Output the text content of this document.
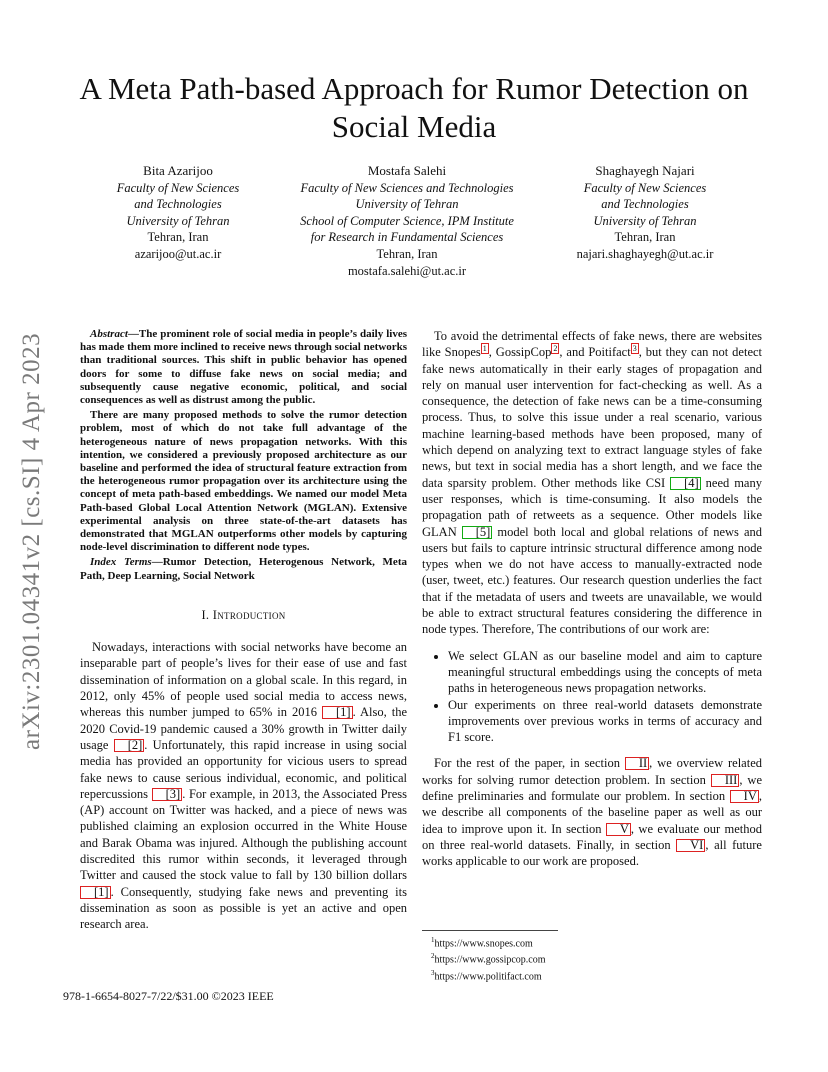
A Meta Path-based Approach for Rumor Detection on Social Media
arXiv:2301.04341v2 [cs.SI] 4 Apr 2023
Bita Azarijoo
Faculty of New Sciences
and Technologies
University of Tehran
Tehran, Iran
azarijoo@ut.ac.ir
Mostafa Salehi
Faculty of New Sciences and Technologies
University of Tehran
School of Computer Science, IPM Institute
for Research in Fundamental Sciences
Tehran, Iran
mostafa.salehi@ut.ac.ir
Shaghayegh Najari
Faculty of New Sciences
and Technologies
University of Tehran
Tehran, Iran
najari.shaghayegh@ut.ac.ir

Abstract—The prominent role of social media in people’s daily lives has made them more inclined to receive news through social networks than traditional sources. This shift in public behavior has opened doors for some to diffuse fake news on social media; and subsequently cause negative economic, political, and social consequences as well as distrust among the public.

There are many proposed methods to solve the rumor detection problem, most of which do not take full advantage of the heterogeneous nature of news propagation networks. With this intention, we considered a previously proposed architecture as our baseline and performed the idea of structural feature extraction from the heterogeneous rumor propagation over its architecture using the concept of meta path-based embeddings. We named our model Meta Path-based Global Local Attention Network (MGLAN). Extensive experimental analysis on three state-of-the-art datasets has demonstrated that MGLAN outperforms other models by capturing node-level discrimination to different node types.

Index Terms—Rumor Detection, Heterogenous Network, Meta Path, Deep Learning, Social Network

I. Introduction

Nowadays, interactions with social networks have become an inseparable part of people’s lives for their ease of use and fast dissemination of information on a global scale. In this regard, in 2012, only 45% of people used social media to access news, whereas this number jumped to 65% in 2016 [1] . Also, the 2020 Covid-19 pandemic caused a 30% growth in Twitter daily usage [2] . Unfortunately, this rapid increase in using social media has provided an opportunity for vicious users to spread fake news to cause serious individual, economic, and political repercussions [3] . For example, in 2013, the Associated Press (AP) account on Twitter was hacked, and a piece of news was published claiming an explosion occurred in the White House and Barak Obama was injured. Although the publishing account discredited this rumor within seconds, it leveraged through Twitter and caused the stock value to fall by 130 billion dollars [1] . Consequently, studying fake news and preventing its dissemination as soon as possible is yet an active and open research area.

To avoid the detrimental effects of fake news, there are websites like Snopes $^1$ , GossipCop $^2$ , and Poitifact $^3$ , but they can not detect fake news automatically in their early stages of propagation and rely on manual user intervention for fact-checking as well. As a consequence, the detection of fake news can be a time-consuming process. Thus, to solve this issue under a real scenario, various machine learning-based methods have been proposed, many of which depend on analyzing text to extract language styles of fake news, but text in social media has a short length, and we face the data sparsity problem. Other methods like CSI [4] need many user responses, which is time-consuming. It also models the propagation path of retweets as a sequence. Other models like GLAN [5] model both local and global relations of news and users but fails to capture intrinsic structural difference among node types when we do not have access to manually-extracted node (user, tweet, etc.) features. Our research question underlies the fact that if the metadata of users and tweets are unavailable, we would be able to extract structural features considering the difference in node types. Therefore, The contributions of our work are:

• We select GLAN as our baseline model and aim to capture meaningful structural embeddings using the concepts of meta paths in heterogeneous news propagation networks.
• Our experiments on three real-world datasets demonstrate improvements over previous works in terms of accuracy and F1 score.

For the rest of the paper, in section II , we overview related works for solving rumor detection problem. In section III , we define preliminaries and formulate our problem. In section IV , we describe all components of the baseline paper as well as our idea to improve upon it. In section V , we evaluate our method on three real-world datasets. Finally, in section VI , all future works applicable to our work are proposed.

$^1$https://www.snopes.com
$^2$https://www.gossipcop.com
$^3$https://www.politifact.com
978-1-6654-8027-7/22/$31.00 ©2023 IEEE
